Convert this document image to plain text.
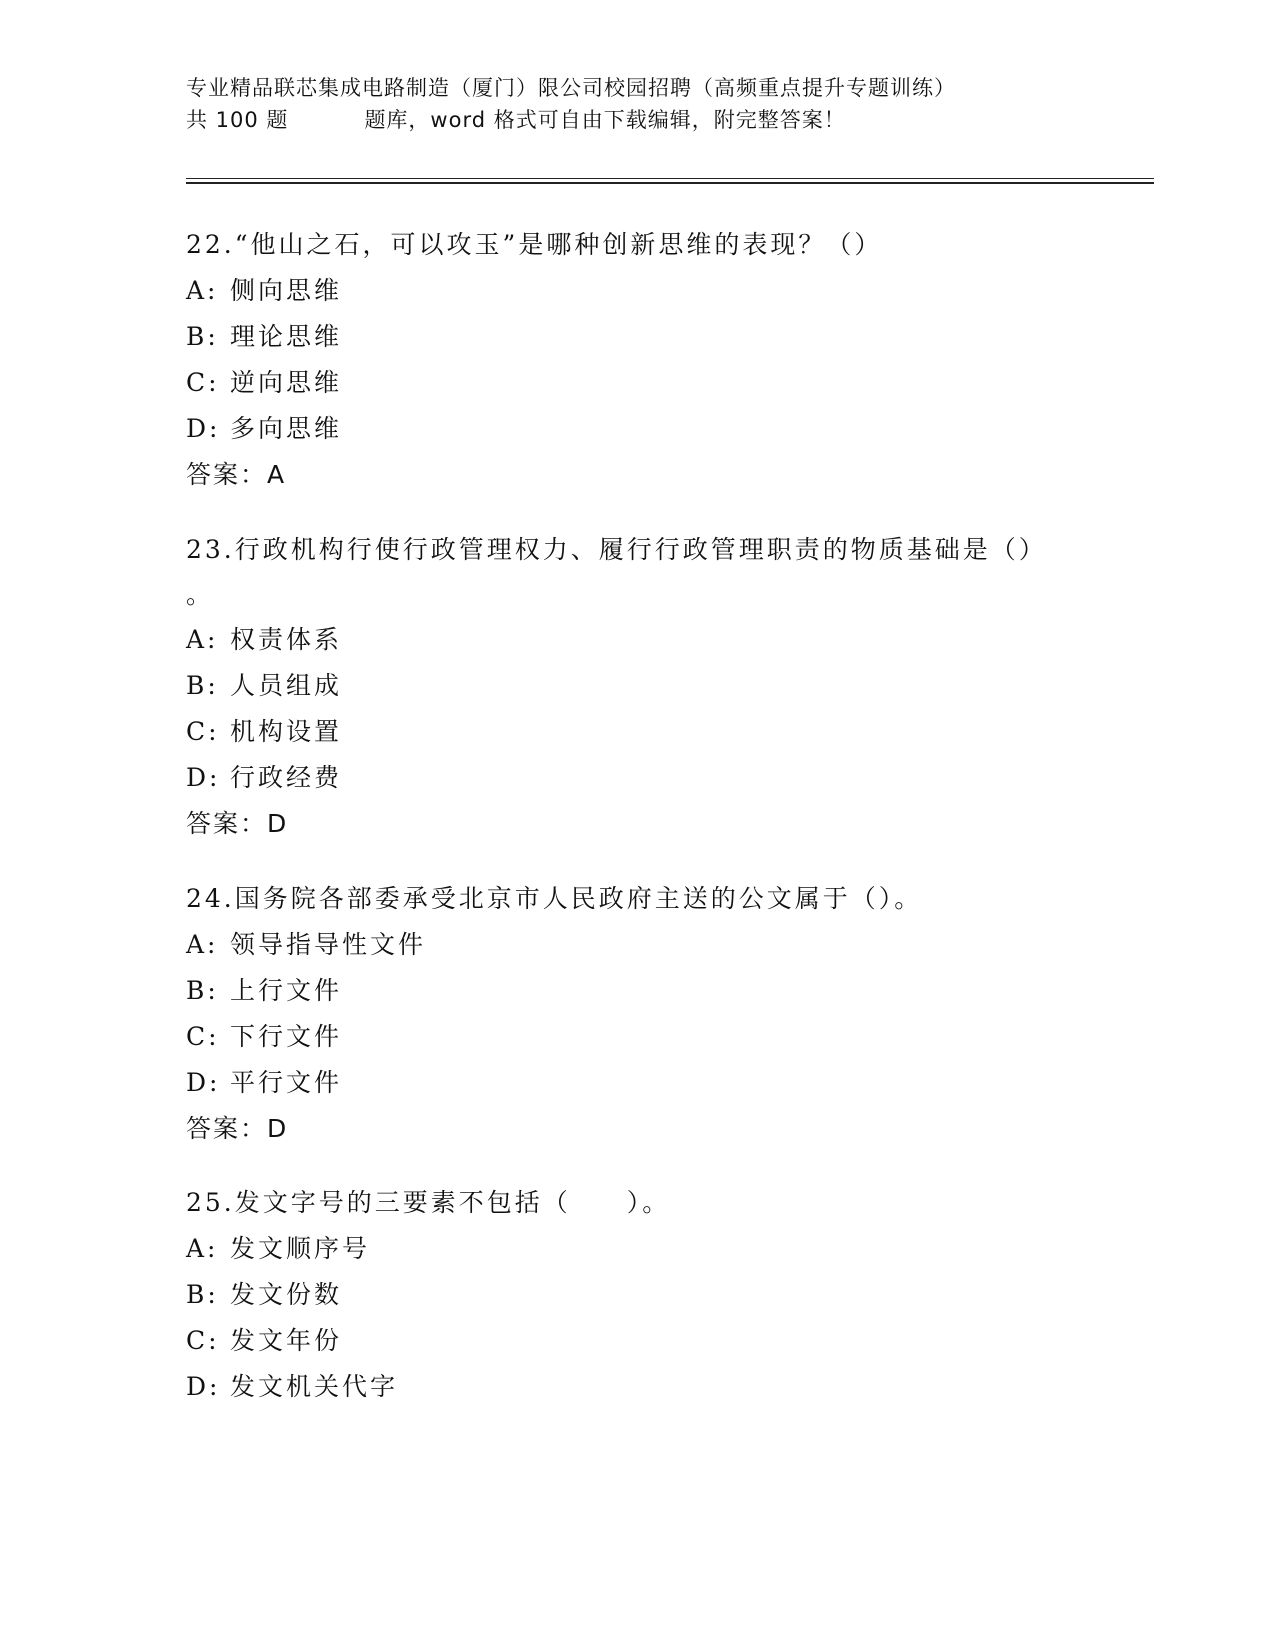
专业精品联芯集成电路制造（厦门）限公司校园招聘（高频重点提升专题训练）
共 100 题	题库，word 格式可自由下载编辑，附完整答案！
22.“他山之石，可以攻玉”是哪种创新思维的表现？（）
A: 侧向思维
B: 理论思维
C: 逆向思维
D: 多向思维
答案：A
23.行政机构行使行政管理权力、履行行政管理职责的物质基础是（）
。
A: 权责体系
B: 人员组成
C: 机构设置
D: 行政经费
答案：D
24.国务院各部委承受北京市人民政府主送的公文属于（）。
A: 领导指导性文件
B: 上行文件
C: 下行文件
D: 平行文件
答案：D
25.发文字号的三要素不包括（　　）。
A: 发文顺序号
B: 发文份数
C: 发文年份
D: 发文机关代字
